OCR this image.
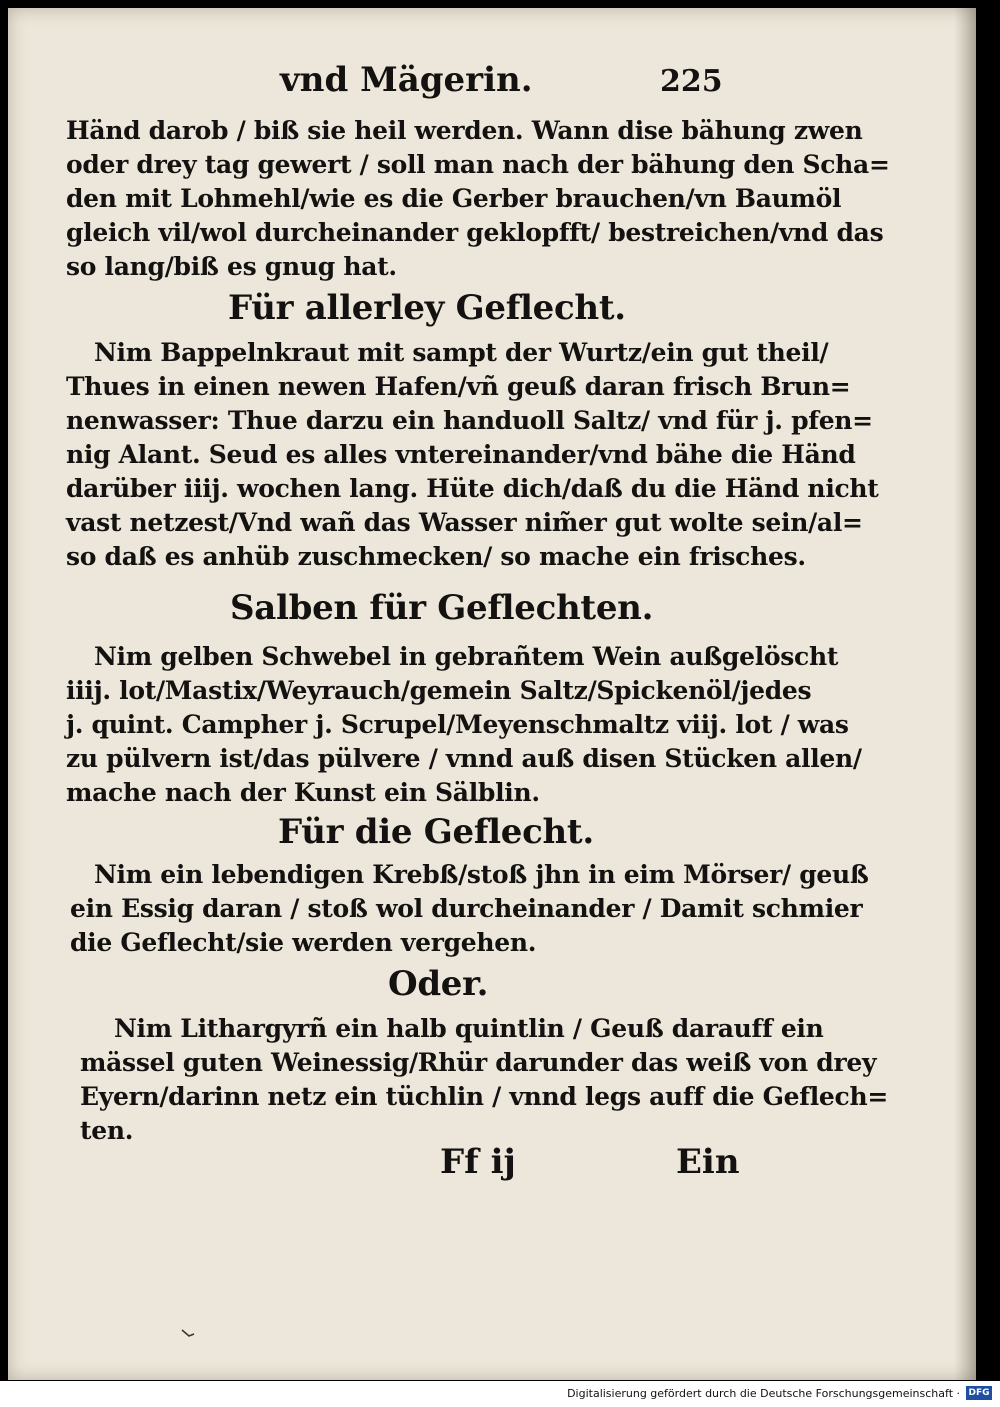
vnd Mägerin.	225
Händ darob / biß sie heil werden. Wann dise bähung zwen
oder drey tag gewert / soll man nach der bähung den Scha=
den mit Lohmehl/wie es die Gerber brauchen/vn Baumöl
gleich vil/wol durcheinander geklopfft/ bestreichen/vnd das
so lang/biß es gnug hat.
Für allerley Geflecht.
Nim Bappelnkraut mit sampt der Wurtz/ein gut theil/
Thues in einen newen Hafen/vñ geuß daran frisch Brun=
nenwasser: Thue darzu ein handuoll Saltz/ vnd für j. pfen=
nig Alant. Seud es alles vntereinander/vnd bähe die Händ
darüber iiij. wochen lang. Hüte dich/daß du die Händ nicht
vast netzest/Vnd wañ das Wasser nim̃er gut wolte sein/al=
so daß es anhüb zuschmecken/ so mache ein frisches.
Salben für Geflechten.
Nim gelben Schwebel in gebrañtem Wein außgelöscht
iiij. lot/Mastix/Weyrauch/gemein Saltz/Spickenöl/jedes
j. quint. Campher j. Scrupel/Meyenschmaltz viij. lot / was
zu pülvern ist/das pülvere / vnnd auß disen Stücken allen/
mache nach der Kunst ein Sälblin.
Für die Geflecht.
Nim ein lebendigen Krebß/stoß jhn in eim Mörser/ geuß
ein Essig daran / stoß wol durcheinander / Damit schmier
die Geflecht/sie werden vergehen.
Oder.
Nim Lithargyrñ ein halb quintlin / Geuß darauff ein
mässel guten Weinessig/Rhür darunder das weiß von drey
Eyern/darinn netz ein tüchlin / vnnd legs auff die Geflech=
ten.
Ff ij	Ein
Digitalisierung gefördert durch die Deutsche Forschungsgemeinschaft · DFG
